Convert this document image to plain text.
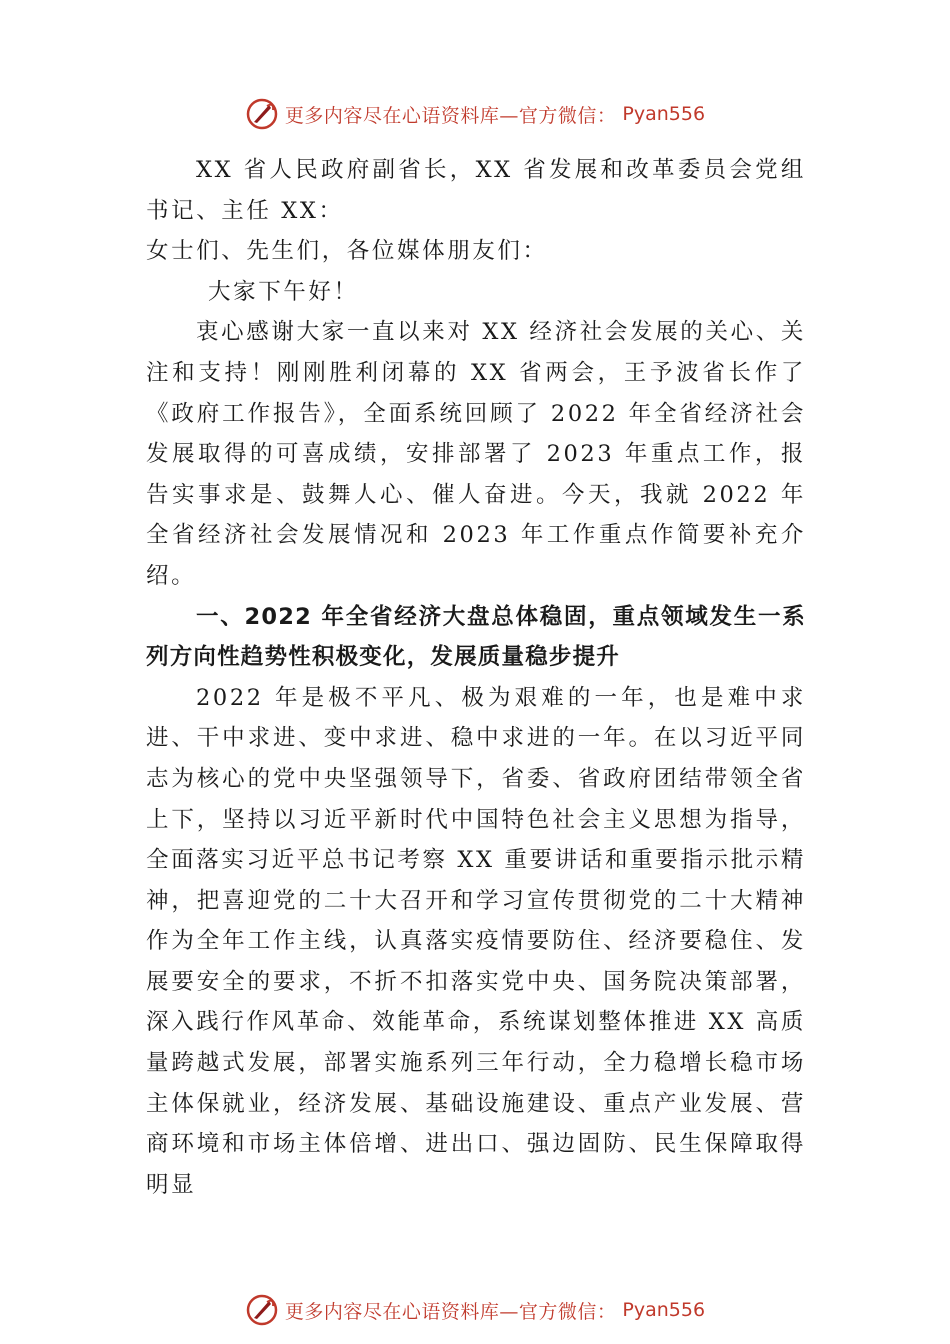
更多内容尽在心语资料库—官方微信： Pyan556

XX 省人民政府副省长，XX 省发展和改革委员会党组书记、主任 XX：

女士们、先生们，各位媒体朋友们：

大家下午好！

衷心感谢大家一直以来对 XX 经济社会发展的关心、关注和支持！刚刚胜利闭幕的 XX 省两会，王予波省长作了《政府工作报告》，全面系统回顾了 2022 年全省经济社会发展取得的可喜成绩，安排部署了 2023 年重点工作，报告实事求是、鼓舞人心、催人奋进。今天，我就 2022 年全省经济社会发展情况和 2023 年工作重点作简要补充介绍。

一、2022 年全省经济大盘总体稳固，重点领域发生一系列方向性趋势性积极变化，发展质量稳步提升

2022 年是极不平凡、极为艰难的一年，也是难中求进、干中求进、变中求进、稳中求进的一年。在以习近平同志为核心的党中央坚强领导下，省委、省政府团结带领全省上下，坚持以习近平新时代中国特色社会主义思想为指导，全面落实习近平总书记考察 XX 重要讲话和重要指示批示精神，把喜迎党的二十大召开和学习宣传贯彻党的二十大精神作为全年工作主线，认真落实疫情要防住、经济要稳住、发展要安全的要求，不折不扣落实党中央、国务院决策部署，深入践行作风革命、效能革命，系统谋划整体推进 XX 高质量跨越式发展，部署实施系列三年行动，全力稳增长稳市场主体保就业，经济发展、基础设施建设、重点产业发展、营商环境和市场主体倍增、进出口、强边固防、民生保障取得明显

更多内容尽在心语资料库—官方微信： Pyan556
